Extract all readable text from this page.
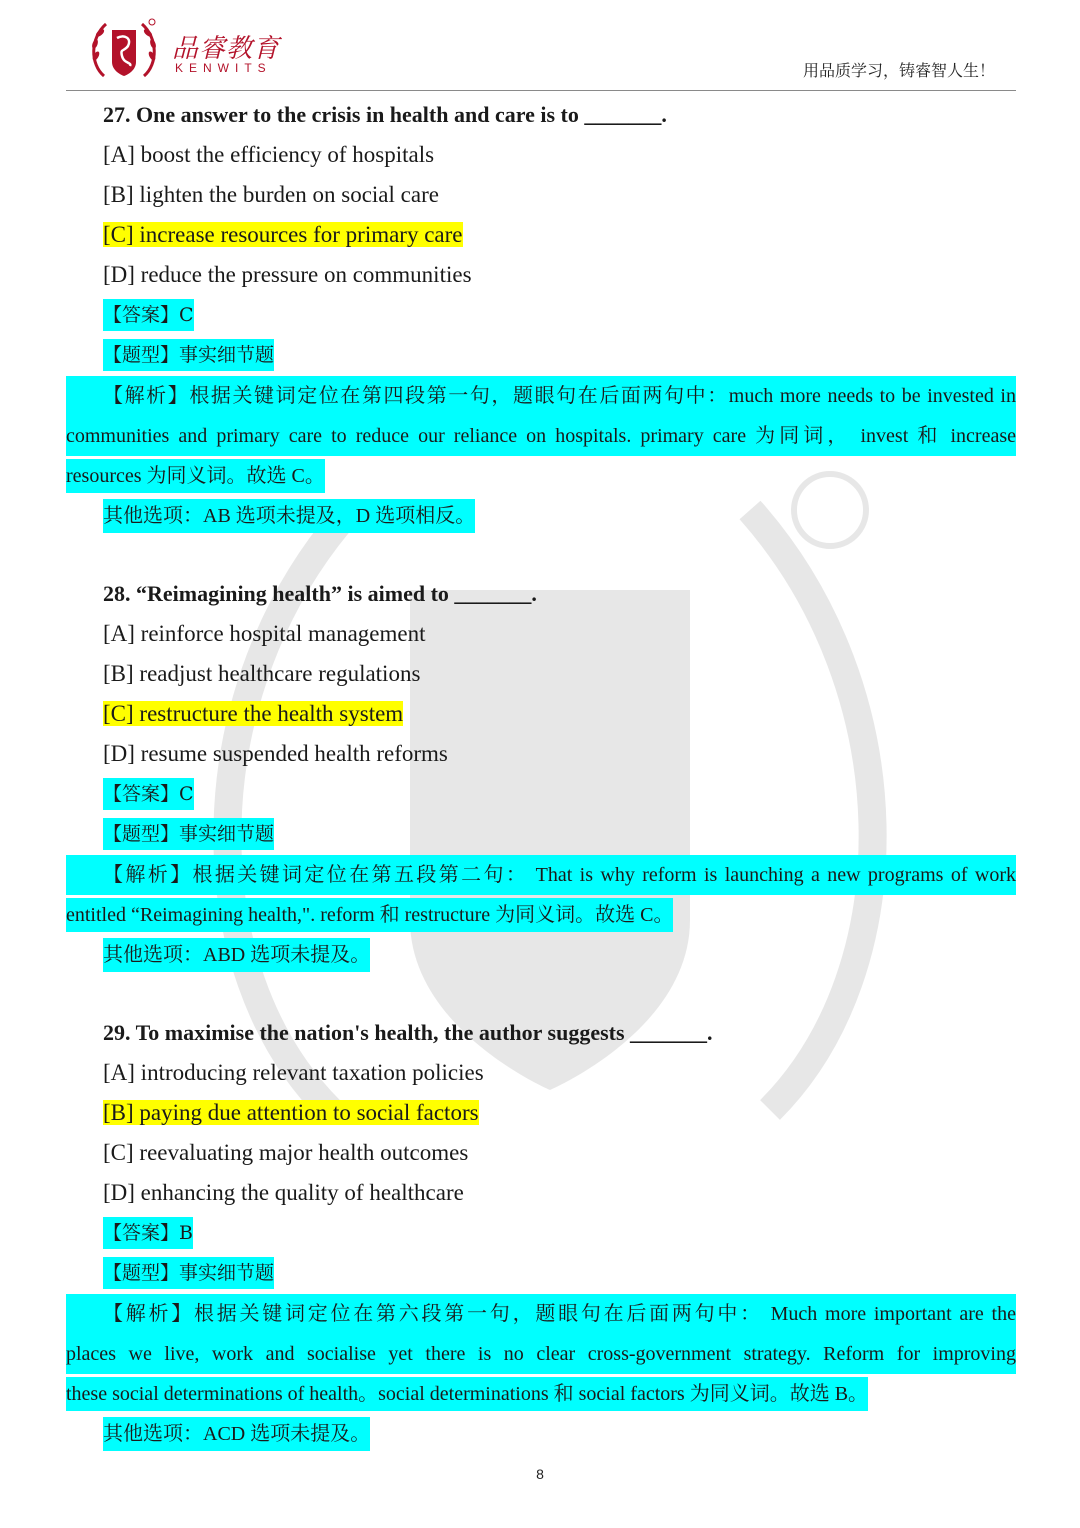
品睿教育
KENWITS	用品质学习，铸睿智人生！
27. One answer to the crisis in health and care is to _______.
[A] boost the efficiency of hospitals
[B] lighten the burden on social care
[C] increase resources for primary care
[D] reduce the pressure on communities
【答案】C
【题型】事实细节题
【解析】根据关键词定位在第四段第一句，题眼句在后面两句中：much more needs to be invested in
communities and primary care to reduce our reliance on hospitals. primary care 为同词， invest 和 increase
resources 为同义词。故选 C。
其他选项：AB 选项未提及，D 选项相反。
28. “Reimagining health” is aimed to _______.
[A] reinforce hospital management
[B] readjust healthcare regulations
[C] restructure the health system
[D] resume suspended health reforms
【答案】C
【题型】事实细节题
【解析】根据关键词定位在第五段第二句： That is why reform is launching a new programs of work
entitled “Reimagining health,". reform 和 restructure 为同义词。故选 C。
其他选项：ABD 选项未提及。
29. To maximise the nation's health, the author suggests _______.
[A] introducing relevant taxation policies
[B] paying due attention to social factors
[C] reevaluating major health outcomes
[D] enhancing the quality of healthcare
【答案】B
【题型】事实细节题
【解析】根据关键词定位在第六段第一句，题眼句在后面两句中： Much more important are the
places we live, work and socialise yet there is no clear cross-government strategy. Reform for improving
these social determinations of health。social determinations 和 social factors 为同义词。故选 B。
其他选项：ACD 选项未提及。
8
